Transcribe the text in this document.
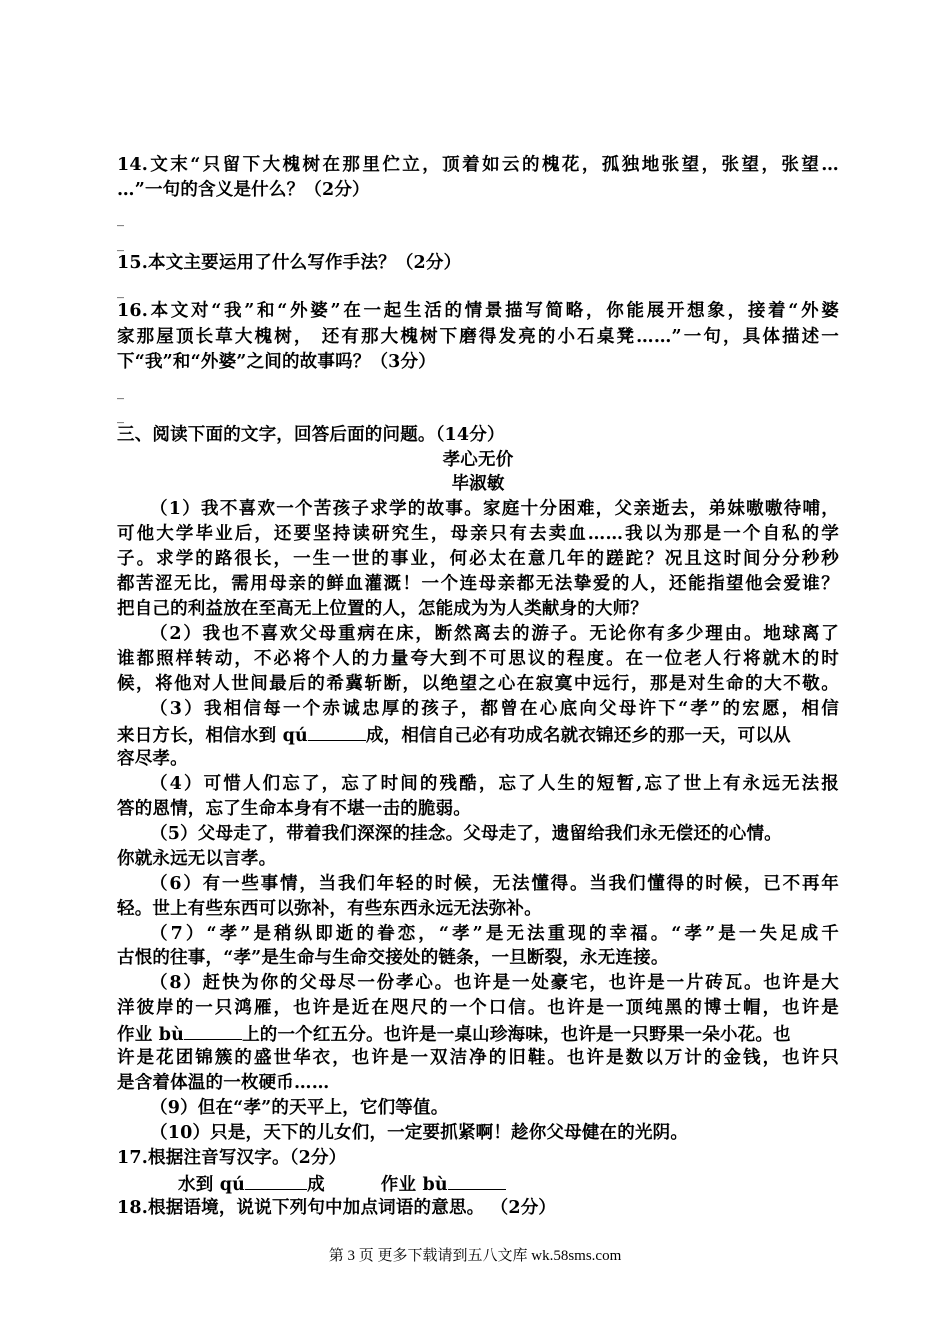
14.文末“只留下大槐树在那里伫立，顶着如云的槐花，孤独地张望，张望，张望…
…”一句的含义是什么？（2分）
_
_
15.本文主要运用了什么写作手法？（2分）
_
16.本文对“我”和“外婆”在一起生活的情景描写简略，你能展开想象，接着“外婆
家那屋顶长草大槐树， 还有那大槐树下磨得发亮的小石桌凳……”一句，具体描述一
下“我”和“外婆”之间的故事吗？（3分）
_
_
三、阅读下面的文字，回答后面的问题。（14分）
孝心无价
毕淑敏
（1）我不喜欢一个苦孩子求学的故事。家庭十分困难，父亲逝去，弟妹嗷嗷待哺，
可他大学毕业后，还要坚持读研究生，母亲只有去卖血……我以为那是一个自私的学
子。求学的路很长，一生一世的事业，何必太在意几年的蹉跎？况且这时间分分秒秒
都苦涩无比，需用母亲的鲜血灌溉！一个连母亲都无法挚爱的人，还能指望他会爱谁？
把自己的利益放在至高无上位置的人，怎能成为为人类献身的大师？
（2）我也不喜欢父母重病在床，断然离去的游子。无论你有多少理由。地球离了
谁都照样转动，不必将个人的力量夸大到不可思议的程度。在一位老人行将就木的时
候，将他对人世间最后的希冀斩断，以绝望之心在寂寞中远行，那是对生命的大不敬。
（3）我相信每一个赤诚忠厚的孩子，都曾在心底向父母许下“孝”的宏愿，相信
来日方长，相信水到 qú	成，相信自己必有功成名就衣锦还乡的那一天，可以从
容尽孝。
（4）可惜人们忘了，忘了时间的残酷，忘了人生的短暂,忘了世上有永远无法报
答的恩情，忘了生命本身有不堪一击的脆弱。
（5）父母走了，带着我们深深的挂念。父母走了，遗留给我们永无偿还的心情。
你就永远无以言孝。
（6）有一些事情，当我们年轻的时候，无法懂得。当我们懂得的时候，已不再年
轻。世上有些东西可以弥补，有些东西永远无法弥补。
（7）“孝”是稍纵即逝的眷恋，“孝”是无法重现的幸福。“孝”是一失足成千
古恨的往事，“孝”是生命与生命交接处的链条，一旦断裂，永无连接。
（8）赶快为你的父母尽一份孝心。也许是一处豪宅，也许是一片砖瓦。也许是大
洋彼岸的一只鸿雁，也许是近在咫尺的一个口信。也许是一顶纯黑的博士帽，也许是
作业 bù	上的一个红五分。也许是一桌山珍海味，也许是一只野果一朵小花。也
许是花团锦簇的盛世华衣，也许是一双洁净的旧鞋。也许是数以万计的金钱，也许只
是含着体温的一枚硬币……
（9）但在“孝”的天平上，它们等值。
（10）只是，天下的儿女们，一定要抓紧啊！趁你父母健在的光阴。
17.根据注音写汉字。（2分）
水到 qú	成	作业 bù
18.根据语境，说说下列句中加点词语的意思。 （2分）
第 3 页 更多下载请到五八文库 wk.58sms.com
